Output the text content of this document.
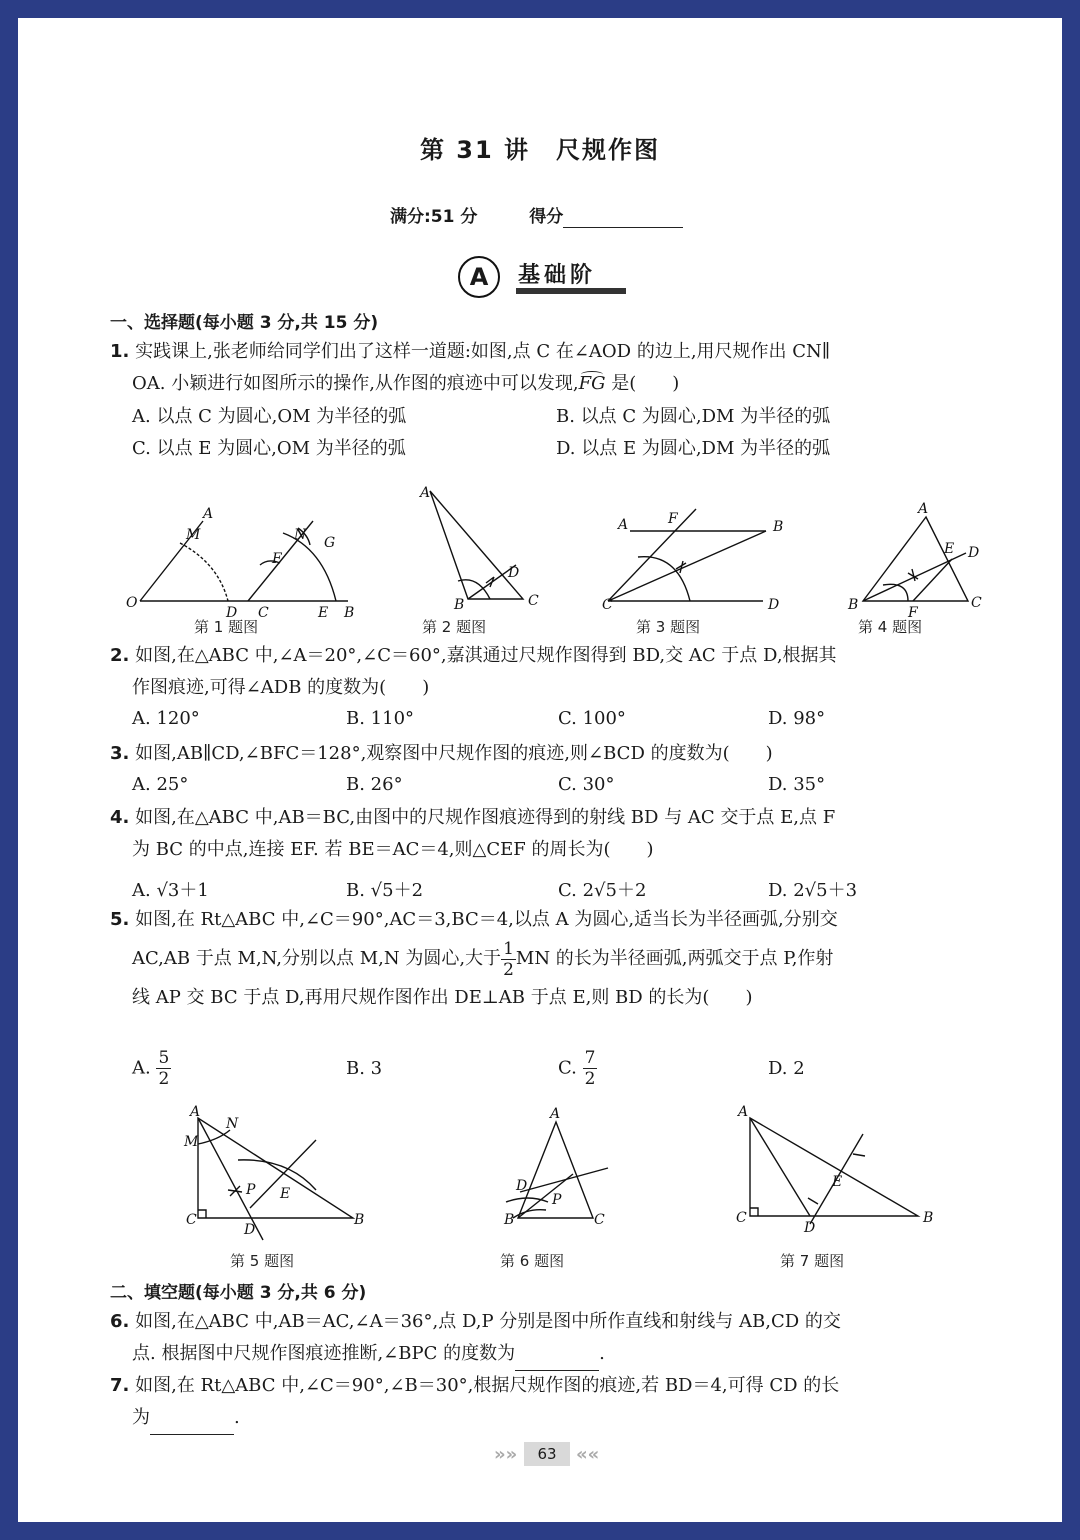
第 31 讲　尺规作图
满分:51 分	得分
A	基础阶
一、选择题(每小题 3 分,共 15 分)
1. 实践课上,张老师给同学们出了这样一道题:如图,点 C 在∠AOD 的边上,用尺规作出 CN∥
OA. 小颖进行如图所示的操作,从作图的痕迹中可以发现,
FG 是(　　)
A. 以点 C 为圆心,OM 为半径的弧	B. 以点 C 为圆心,DM 为半径的弧
C. 以点 E 为圆心,OM 为半径的弧	D. 以点 E 为圆心,DM 为半径的弧
A
M	N G
F
O
D C	E B
A
D
B	C
A	F	B
C	D
A
E D
B	F
C
第 1 题图	第 2 题图	第 3 题图	第 4 题图
2. 如图,在△ABC 中,∠A＝20°,∠C＝60°,嘉淇通过尺规作图得到 BD,交 AC 于点 D,根据其
作图痕迹,可得∠ADB 的度数为(　　)
A. 120°	B. 110°	C. 100°	D. 98°
3. 如图,AB∥CD,∠BFC＝128°,观察图中尺规作图的痕迹,则∠BCD 的度数为(　　)
A. 25°	B. 26°	C. 30°	D. 35°
4. 如图,在△ABC 中,AB＝BC,由图中的尺规作图痕迹得到的射线 BD 与 AC 交于点 E,点 F
为 BC 的中点,连接 EF. 若 BE＝AC＝4,则△CEF 的周长为(　　)
A. √3＋1	B. √5＋2	C. 2√5＋2	D. 2√5＋3
5. 如图,在 Rt△ABC 中,∠C＝90°,AC＝3,BC＝4,以点 A 为圆心,适当长为半径画弧,分别交
AC,AB 于点 M,N,分别以点 M,N 为圆心,大于 $\frac{1}{2}$ MN 的长为半径画弧,两弧交于点 P,作射
线 AP 交 BC 于点 D,再用尺规作图作出 DE⊥AB 于点 E,则 BD 的长为(　　)
A. $\frac{5}{2}$	B. 3	C. $\frac{7}{2}$	D. 2
A
N
M
P E
C
D
B
A
D
P
B	C
A
E
C
D
B
第 5 题图	第 6 题图	第 7 题图
二、填空题(每小题 3 分,共 6 分)
6. 如图,在△ABC 中,AB＝AC,∠A＝36°,点 D,P 分别是图中所作直线和射线与 AB,CD 的交
点. 根据图中尺规作图痕迹推断,∠BPC 的度数为	.
7. 如图,在 Rt△ABC 中,∠C＝90°,∠B＝30°,根据尺规作图的痕迹,若 BD＝4,可得 CD 的长
为	.
»»	63	««
